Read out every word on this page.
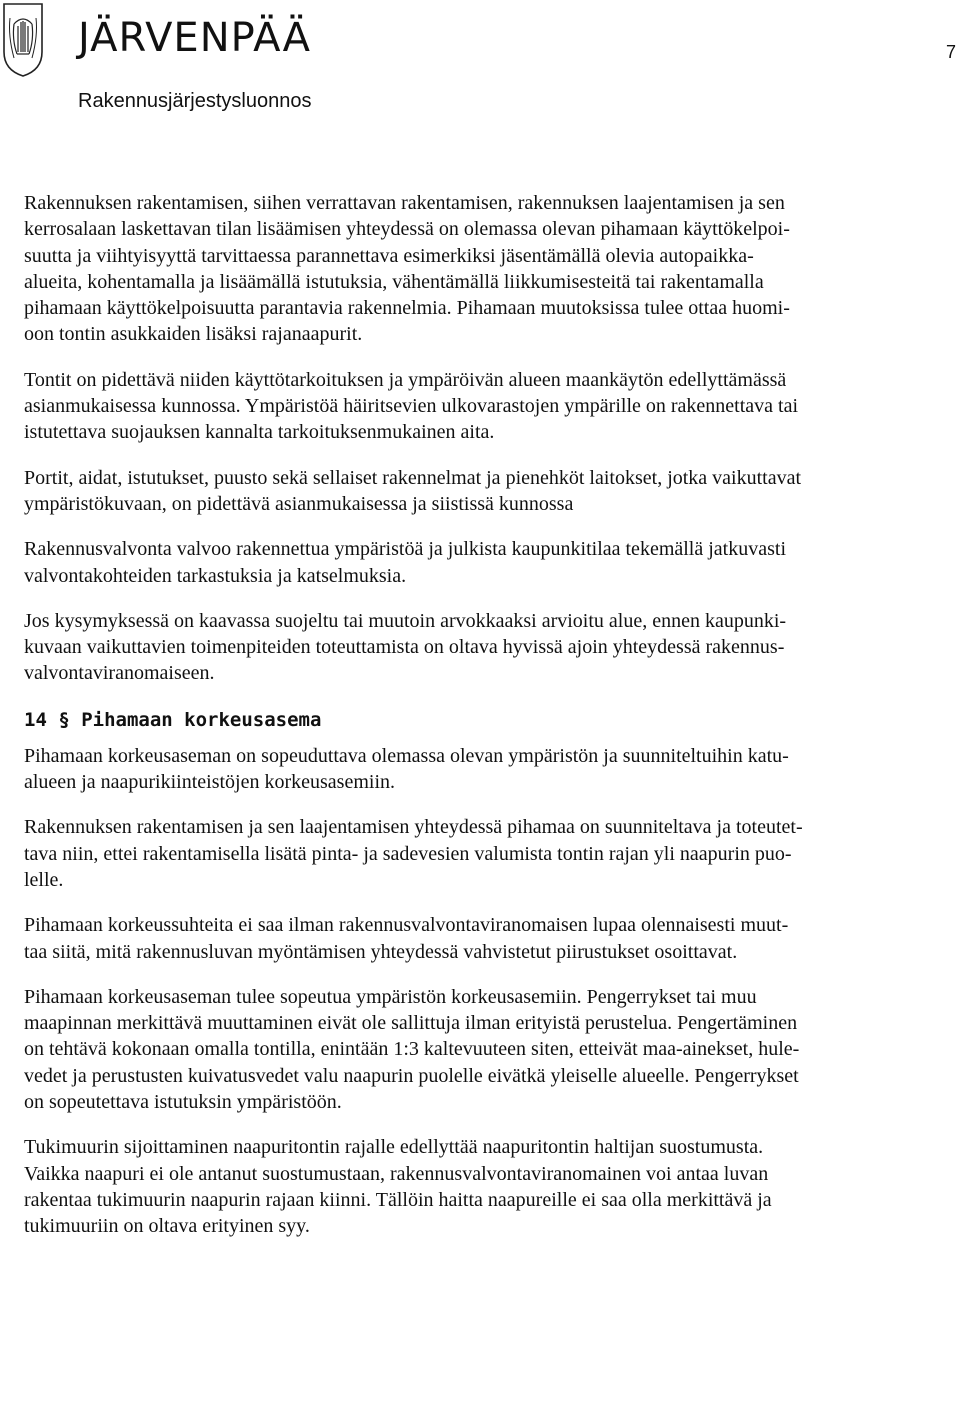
JÄRVENPÄÄ
Rakennusjärjestysluonnos
7

Rakennuksen rakentamisen, siihen verrattavan rakentamisen, rakennuksen laajentamisen ja sen
kerrosalaan laskettavan tilan lisäämisen yhteydessä on olemassa olevan pihamaan käyttökelpoi-
suutta ja viihtyisyyttä tarvittaessa parannettava esimerkiksi jäsentämällä olevia autopaikka-
alueita, kohentamalla ja lisäämällä istutuksia, vähentämällä liikkumisesteitä tai rakentamalla
pihamaan käyttökelpoisuutta parantavia rakennelmia. Pihamaan muutoksissa tulee ottaa huomi-
oon tontin asukkaiden lisäksi rajanaapurit.

Tontit on pidettävä niiden käyttötarkoituksen ja ympäröivän alueen maankäytön edellyttämässä
asianmukaisessa kunnossa. Ympäristöä häiritsevien ulkovarastojen ympärille on rakennettava tai
istutettava suojauksen kannalta tarkoituksenmukainen aita.

Portit, aidat, istutukset, puusto sekä sellaiset rakennelmat ja pienehköt laitokset, jotka vaikuttavat
ympäristökuvaan, on pidettävä asianmukaisessa ja siistissä kunnossa

Rakennusvalvonta valvoo rakennettua ympäristöä ja julkista kaupunkitilaa tekemällä jatkuvasti
valvontakohteiden tarkastuksia ja katselmuksia.

Jos kysymyksessä on kaavassa suojeltu tai muutoin arvokkaaksi arvioitu alue, ennen kaupunki-
kuvaan vaikuttavien toimenpiteiden toteuttamista on oltava hyvissä ajoin yhteydessä rakennus-
valvontaviranomaiseen.

14 § Pihamaan korkeusasema

Pihamaan korkeusaseman on sopeuduttava olemassa olevan ympäristön ja suunniteltuihin katu-
alueen ja naapurikiinteistöjen korkeusasemiin.

Rakennuksen rakentamisen ja sen laajentamisen yhteydessä pihamaa on suunniteltava ja toteutet-
tava niin, ettei rakentamisella lisätä pinta- ja sadevesien valumista tontin rajan yli naapurin puo-
lelle.

Pihamaan korkeussuhteita ei saa ilman rakennusvalvontaviranomaisen lupaa olennaisesti muut-
taa siitä, mitä rakennusluvan myöntämisen yhteydessä vahvistetut piirustukset osoittavat.

Pihamaan korkeusaseman tulee sopeutua ympäristön korkeusasemiin. Pengerrykset tai muu
maapinnan merkittävä muuttaminen eivät ole sallittuja ilman erityistä perustelua. Pengertäminen
on tehtävä kokonaan omalla tontilla, enintään 1:3 kaltevuuteen siten, etteivät maa-ainekset, hule-
vedet ja perustusten kuivatusvedet valu naapurin puolelle eivätkä yleiselle alueelle. Pengerrykset
on sopeutettava istutuksin ympäristöön.

Tukimuurin sijoittaminen naapuritontin rajalle edellyttää naapuritontin haltijan suostumusta.
Vaikka naapuri ei ole antanut suostumustaan, rakennusvalvontaviranomainen voi antaa luvan
rakentaa tukimuurin naapurin rajaan kiinni. Tällöin haitta naapureille ei saa olla merkittävä ja
tukimuuriin on oltava erityinen syy.
